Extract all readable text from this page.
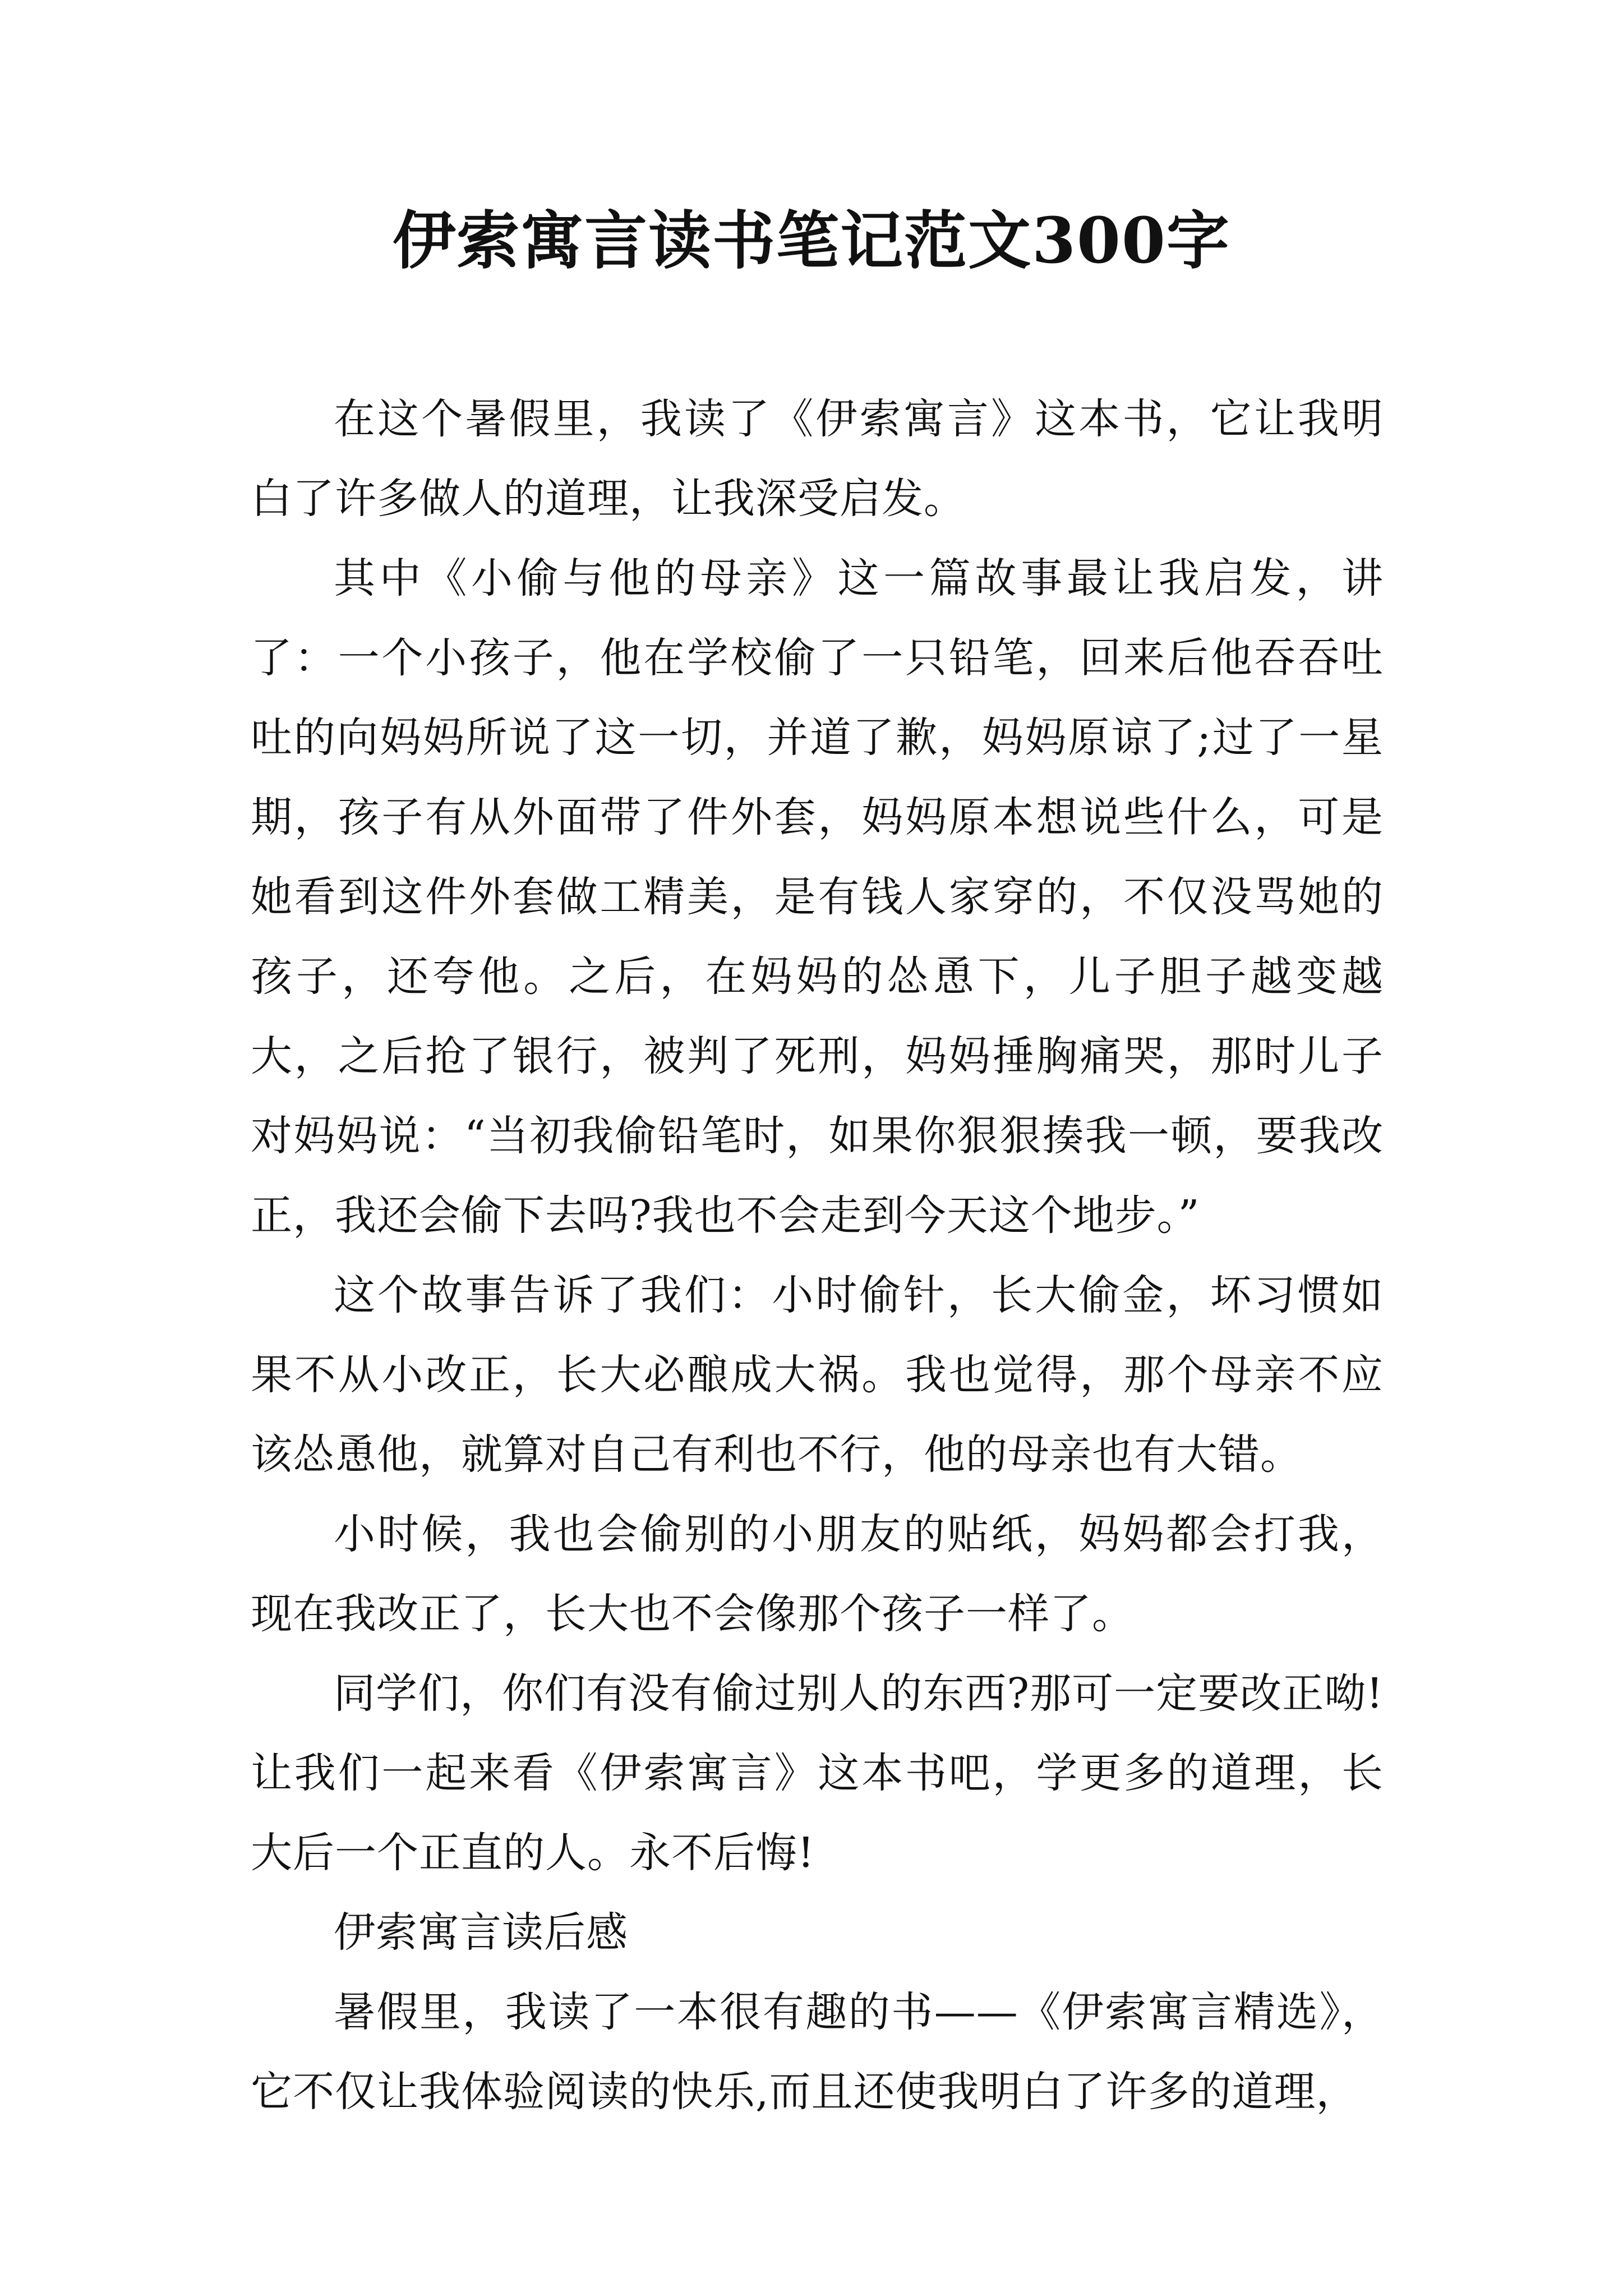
伊索寓言读书笔记范文300字

在这个暑假里，我读了《伊索寓言》这本书，它让我明白了许多做人的道理，让我深受启发。

其中《小偷与他的母亲》这一篇故事最让我启发，讲了：一个小孩子，他在学校偷了一只铅笔，回来后他吞吞吐吐的向妈妈所说了这一切，并道了歉，妈妈原谅了;过了一星期，孩子有从外面带了件外套，妈妈原本想说些什么，可是她看到这件外套做工精美，是有钱人家穿的，不仅没骂她的孩子，还夸他。之后，在妈妈的怂恿下，儿子胆子越变越大，之后抢了银行，被判了死刑，妈妈捶胸痛哭，那时儿子对妈妈说：“当初我偷铅笔时，如果你狠狠揍我一顿，要我改正，我还会偷下去吗?我也不会走到今天这个地步。”

这个故事告诉了我们：小时偷针，长大偷金，坏习惯如果不从小改正，长大必酿成大祸。我也觉得，那个母亲不应该怂恿他，就算对自己有利也不行，他的母亲也有大错。

小时候，我也会偷别的小朋友的贴纸，妈妈都会打我，现在我改正了，长大也不会像那个孩子一样了。

同学们，你们有没有偷过别人的东西?那可一定要改正呦!让我们一起来看《伊索寓言》这本书吧，学更多的道理，长大后一个正直的人。永不后悔!

伊索寓言读后感

暑假里，我读了一本很有趣的书——《伊索寓言精选》，它不仅让我体验阅读的快乐,而且还使我明白了许多的道理，
